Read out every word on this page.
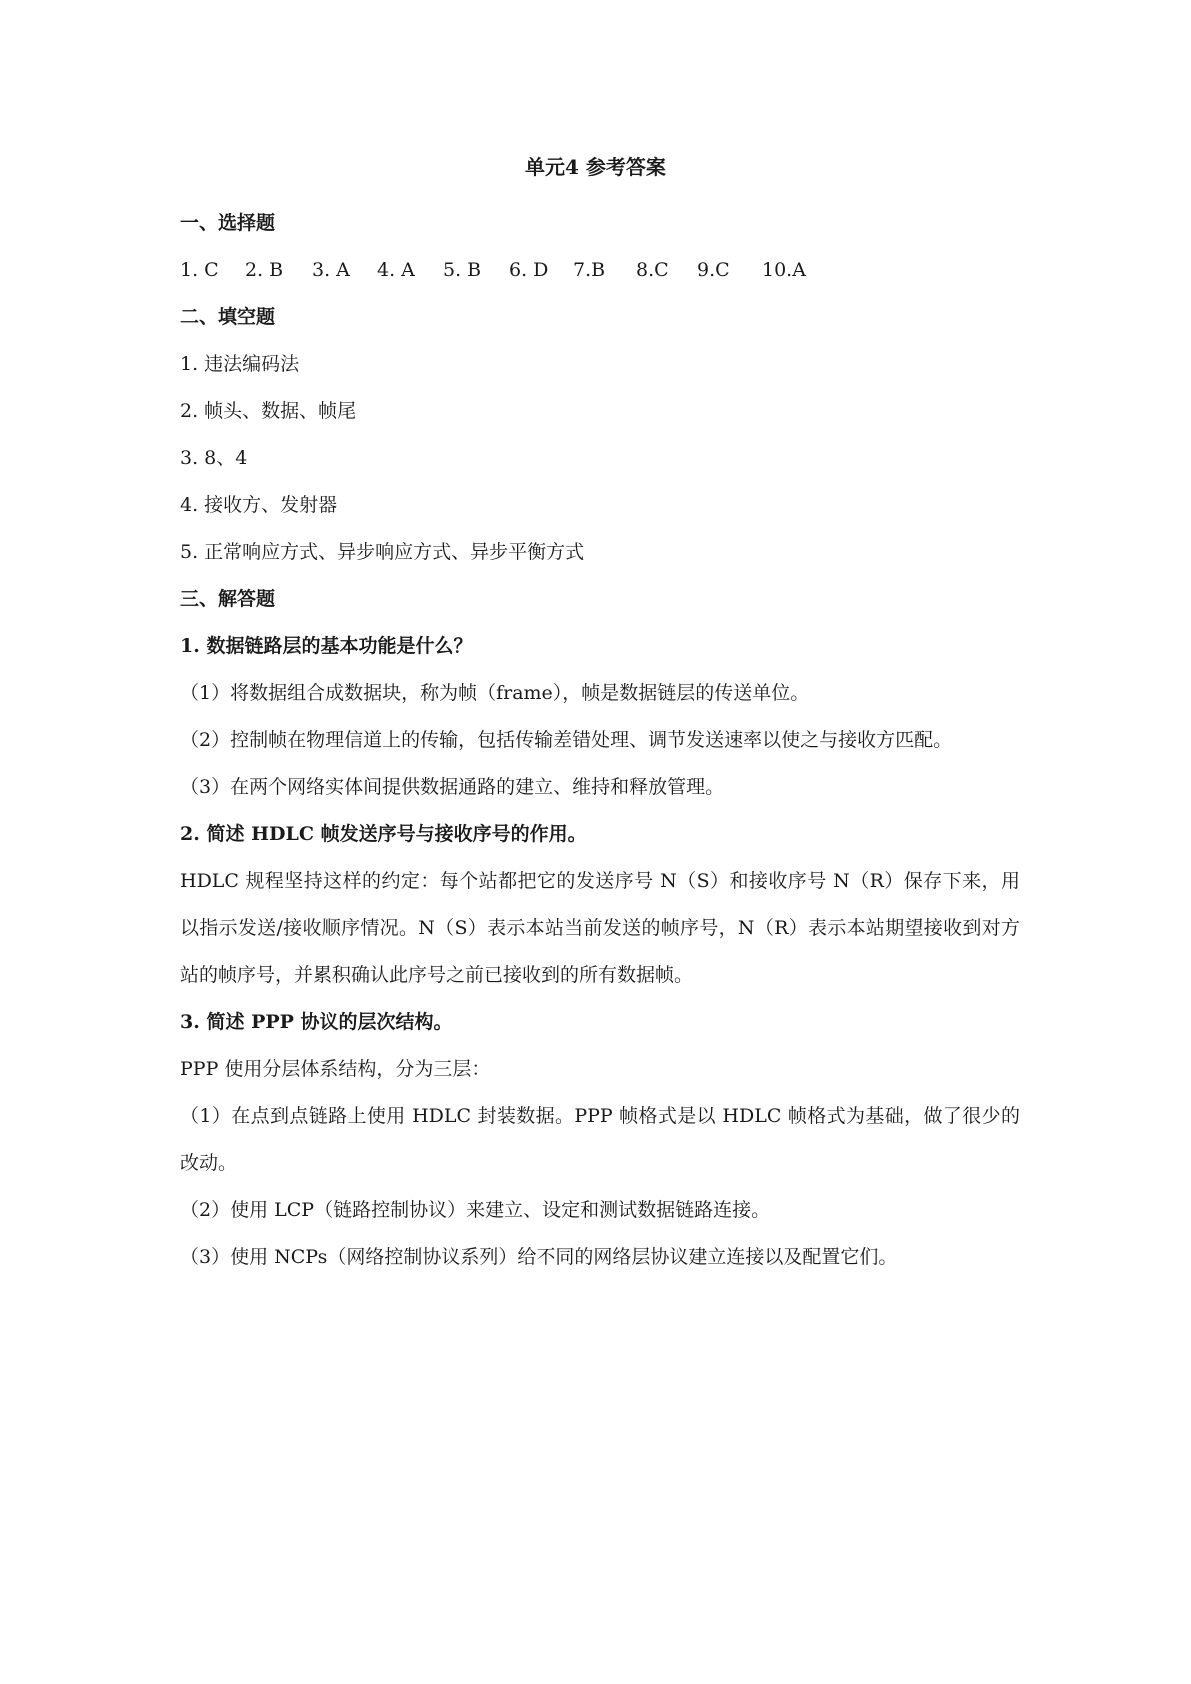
单元4 参考答案

一、选择题

1. C	2. B	3. A	4. A	5. B	6. D	7.B	8.C	9.C	10.A

二、填空题

1. 违法编码法

2. 帧头、数据、帧尾

3. 8、4

4. 接收方、发射器

5. 正常响应方式、异步响应方式、异步平衡方式

三、解答题

1. 数据链路层的基本功能是什么？

（1）将数据组合成数据块，称为帧（frame），帧是数据链层的传送单位。

（2）控制帧在物理信道上的传输，包括传输差错处理、调节发送速率以使之与接收方匹配。

（3）在两个网络实体间提供数据通路的建立、维持和释放管理。

2. 简述 HDLC 帧发送序号与接收序号的作用。

HDLC 规程坚持这样的约定：每个站都把它的发送序号 N（S）和接收序号 N（R）保存下来，用以指示发送/接收顺序情况。N（S）表示本站当前发送的帧序号，N（R）表示本站期望接收到对方站的帧序号，并累积确认此序号之前已接收到的所有数据帧。

3. 简述 PPP 协议的层次结构。

PPP 使用分层体系结构，分为三层：

（1）在点到点链路上使用 HDLC 封装数据。PPP 帧格式是以 HDLC 帧格式为基础，做了很少的改动。

（2）使用 LCP（链路控制协议）来建立、设定和测试数据链路连接。

（3）使用 NCPs（网络控制协议系列）给不同的网络层协议建立连接以及配置它们。
